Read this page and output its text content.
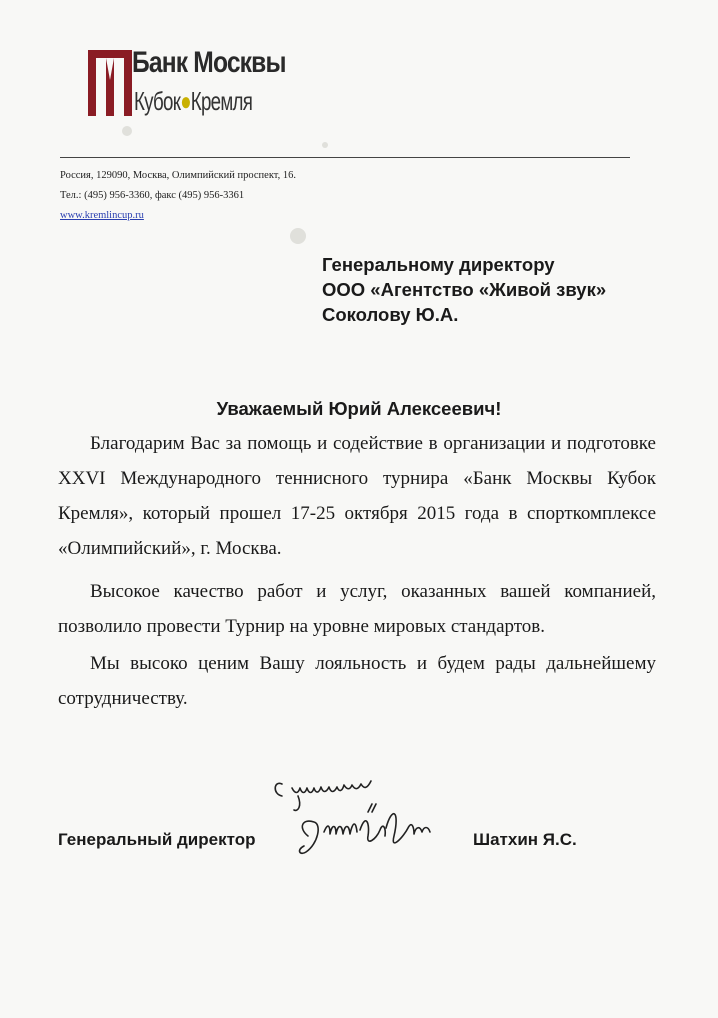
Банк Москвы
Кубок●Кремля
Россия, 129090, Москва, Олимпийский проспект, 16.
Тел.: (495) 956-3360, факс (495) 956-3361
www.kremlincup.ru
Генеральному директору
ООО «Агентство «Живой звук»
Соколову Ю.А.
Уважаемый Юрий Алексеевич!
Благодарим Вас за помощь и содействие в организации и подготовке XXVI Международного теннисного турнира «Банк Москвы Кубок Кремля», который прошел 17-25 октября 2015 года в спорткомплексе «Олимпийский», г. Москва.
Высокое качество работ и услуг, оказанных вашей компанией, позволило провести Турнир на уровне мировых стандартов.
Мы высоко ценим Вашу лояльность и будем рады дальнейшему сотрудничеству.
Генеральный директор	Шатхин Я.С.
